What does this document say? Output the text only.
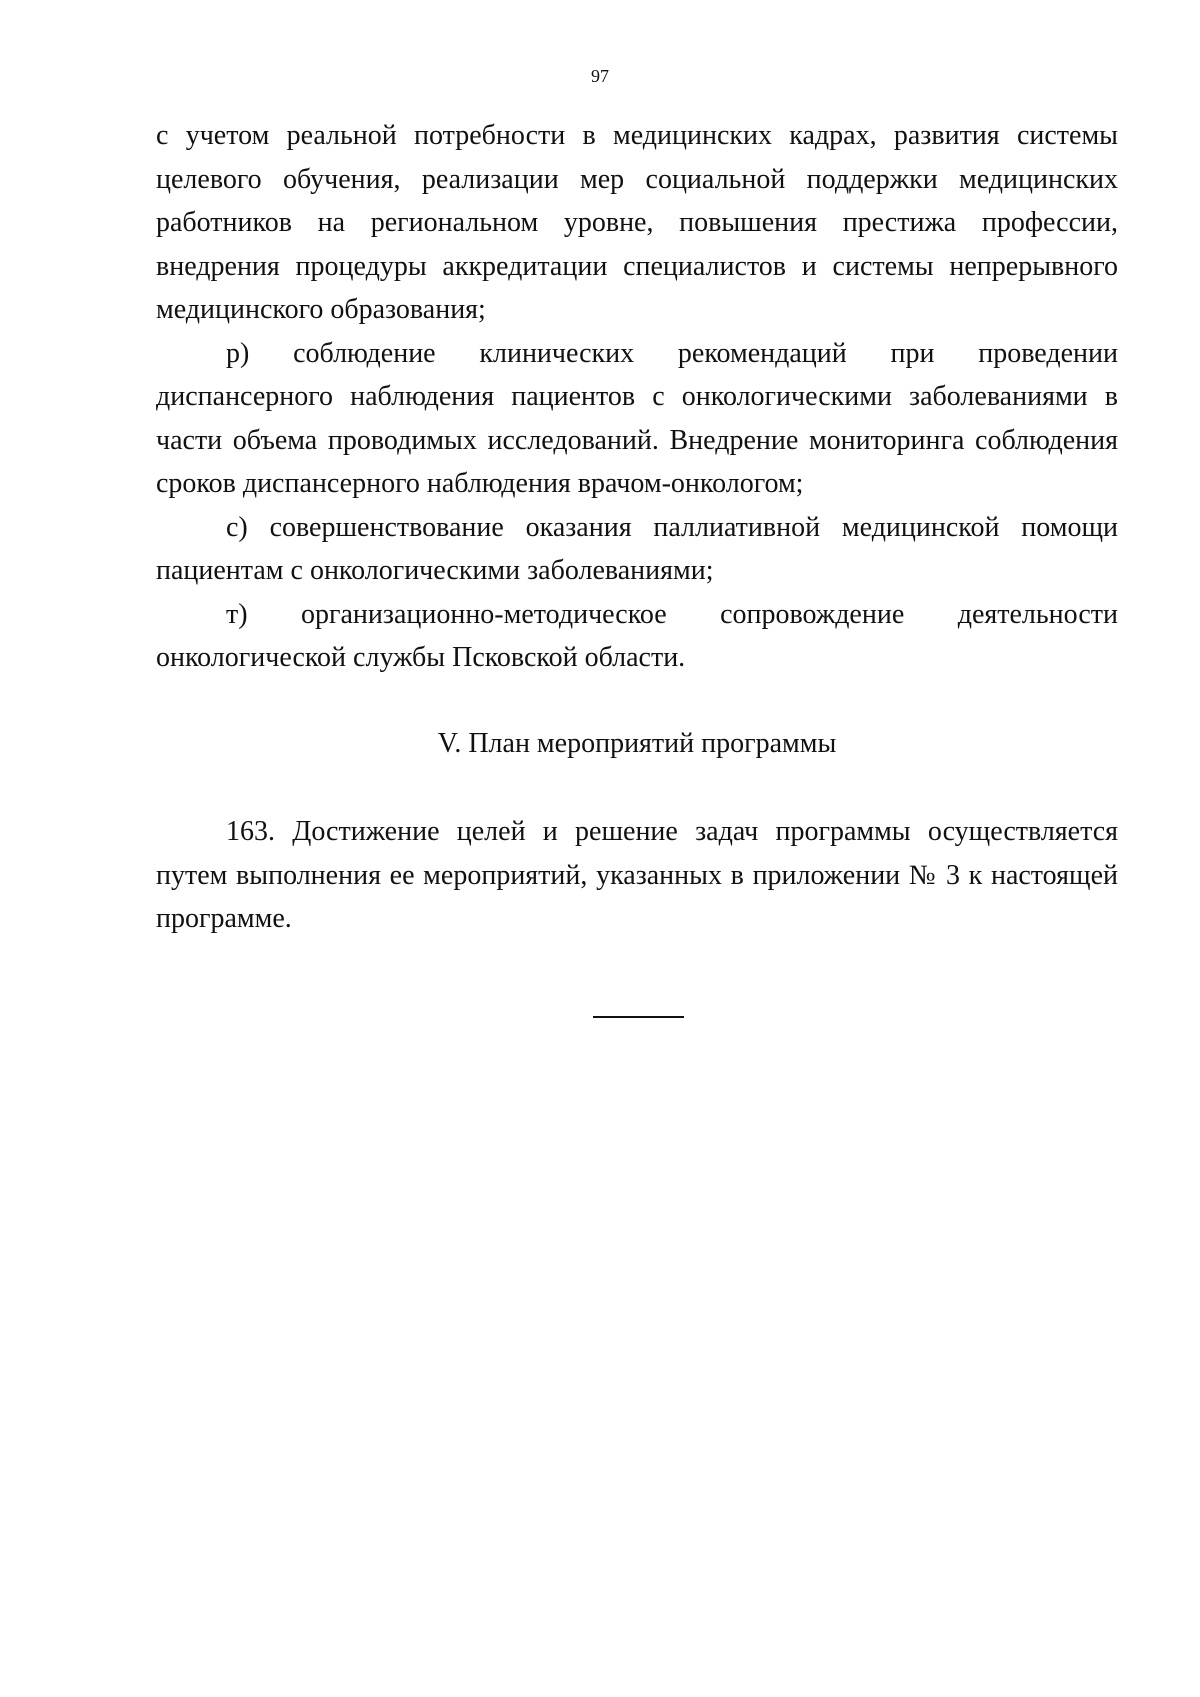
97

с учетом реальной потребности в медицинских кадрах, развития системы целевого обучения, реализации мер социальной поддержки медицинских работников на региональном уровне, повышения престижа профессии, внедрения процедуры аккредитации специалистов и системы непрерывного медицинского образования;

р) соблюдение клинических рекомендаций при проведении диспансерного наблюдения пациентов с онкологическими заболеваниями в части объема проводимых исследований. Внедрение мониторинга соблюдения сроков диспансерного наблюдения врачом-онкологом;

с) совершенствование оказания паллиативной медицинской помощи пациентам с онкологическими заболеваниями;

т) организационно-методическое сопровождение деятельности онкологической службы Псковской области.

V. План мероприятий программы

163. Достижение целей и решение задач программы осуществляется путем выполнения ее мероприятий, указанных в приложении № 3 к настоящей программе.
